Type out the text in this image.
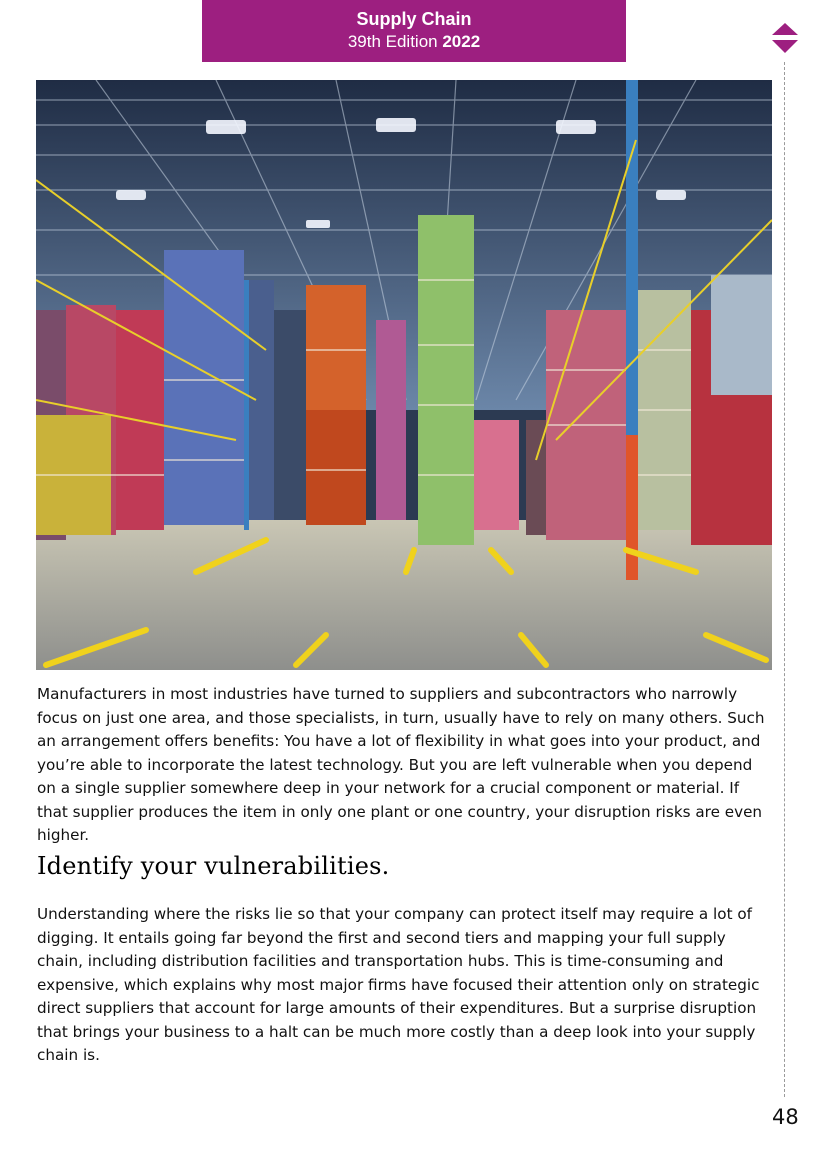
Supply Chain
39th Edition 2022

Manufacturers in most industries have turned to suppliers and subcontractors who narrowly focus on just one area, and those specialists, in turn, usually have to rely on many others. Such an arrangement offers benefits: You have a lot of flexibility in what goes into your product, and you’re able to incorporate the latest technology. But you are left vulnerable when you depend on a single supplier somewhere deep in your network for a crucial component or material. If that supplier produces the item in only one plant or one country, your disruption risks are even higher.

Identify your vulnerabilities.

Understanding where the risks lie so that your company can protect itself may require a lot of digging. It entails going far beyond the first and second tiers and mapping your full supply chain, including distribution facilities and transportation hubs. This is time-consuming and expensive, which explains why most major firms have focused their attention only on strategic direct suppliers that account for large amounts of their expenditures. But a surprise disruption that brings your business to a halt can be much more costly than a deep look into your supply chain is.

48
